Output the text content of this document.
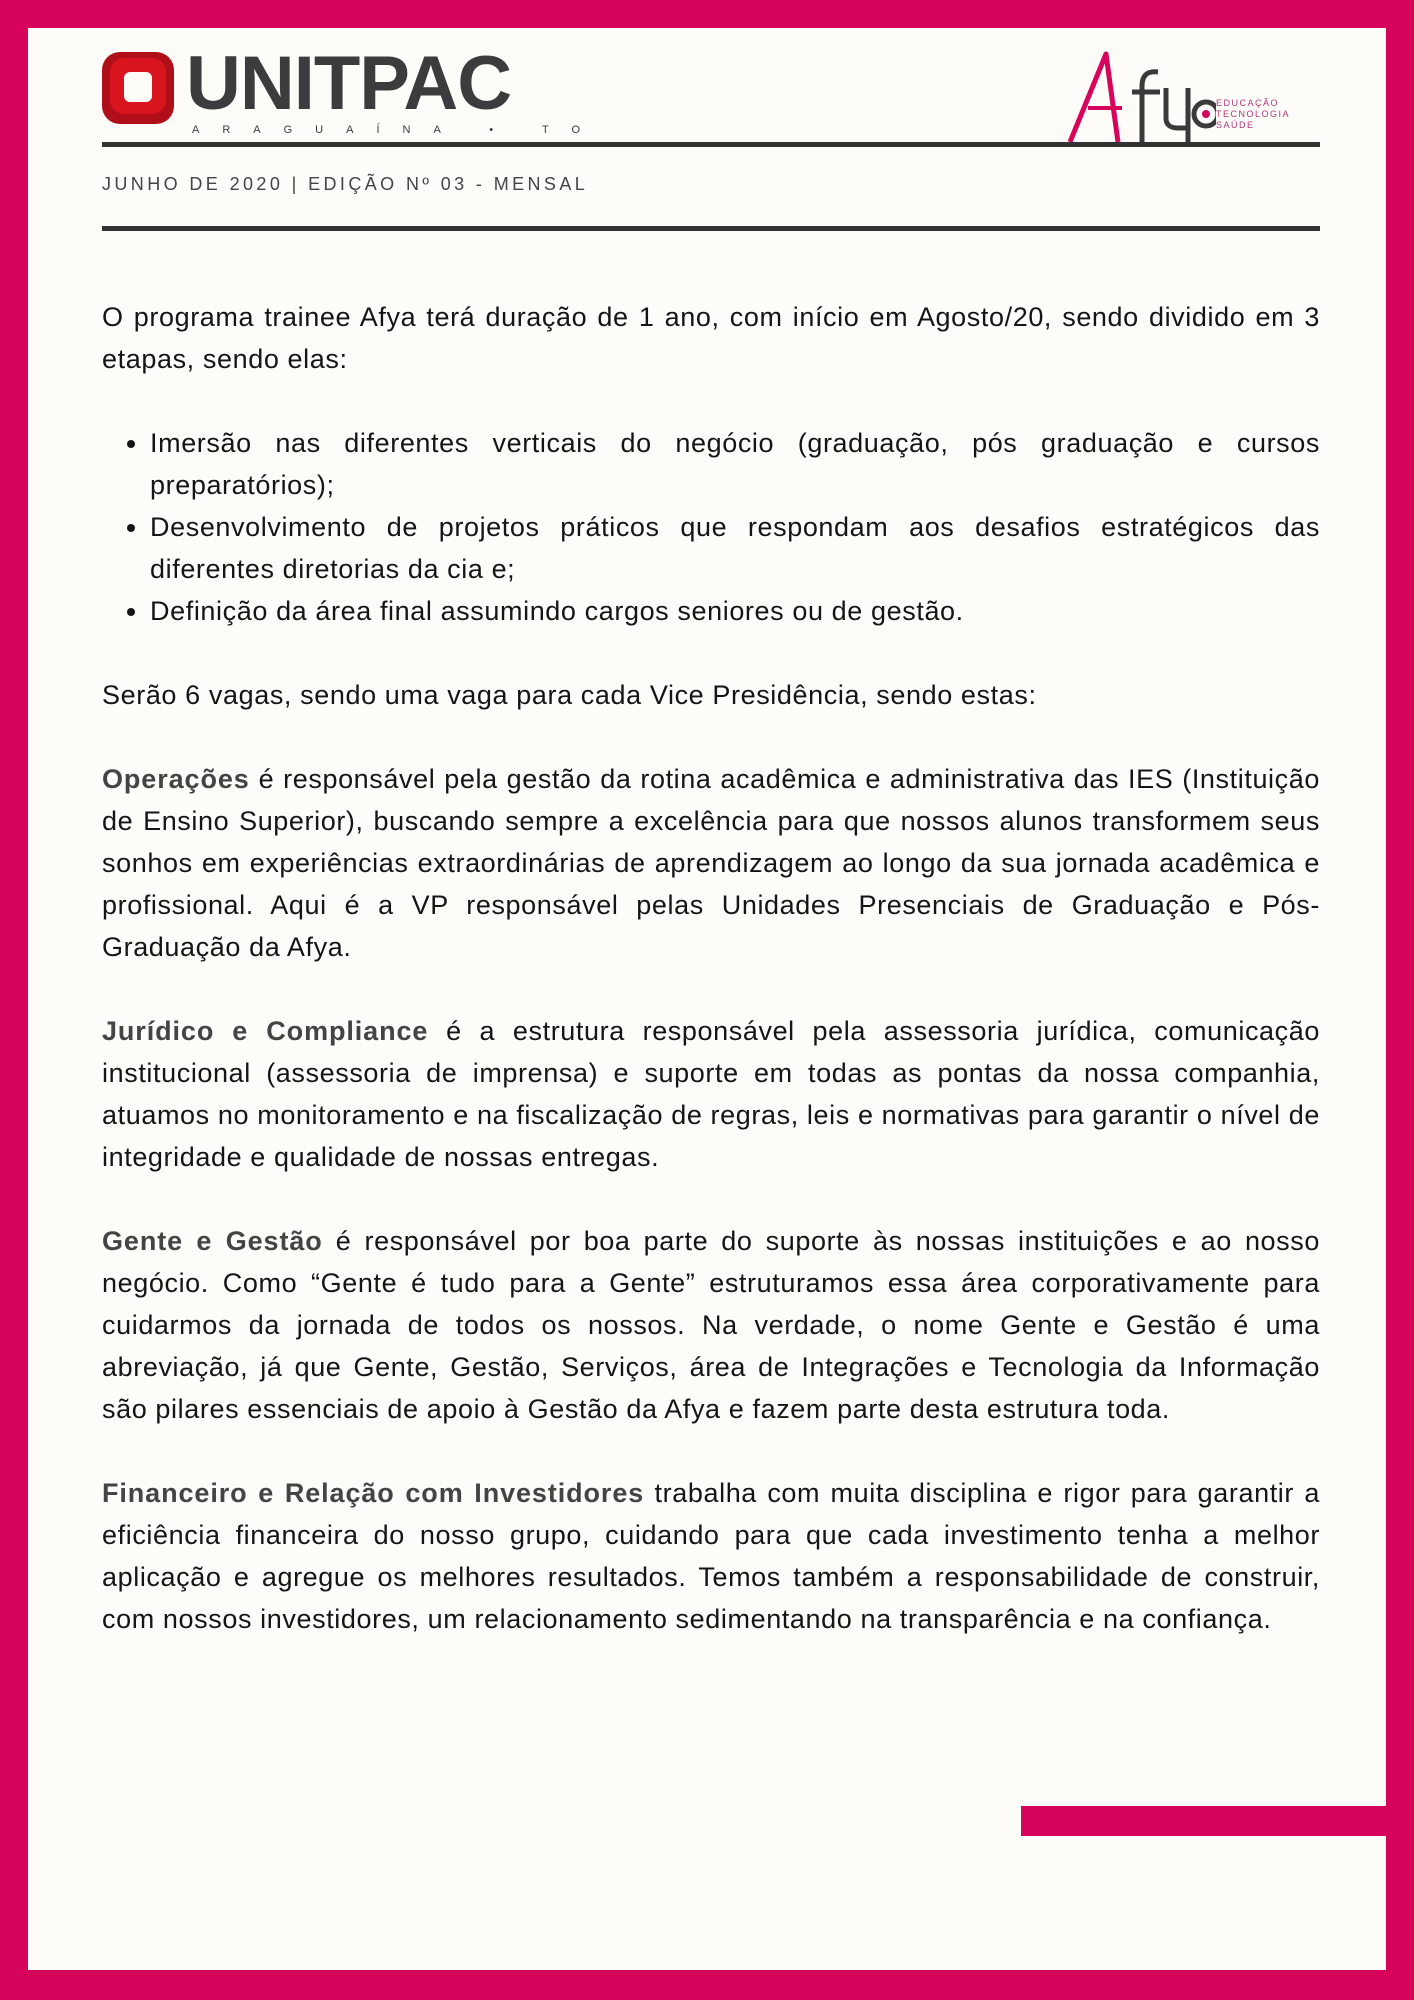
UNITPAC
ARAGUAÍNA • TO
EDUCAÇÃO
TECNOLOGIA
SAÚDE
JUNHO DE 2020 | EDIÇÃO Nº 03 - MENSAL

O programa trainee Afya terá duração de 1 ano, com início em Agosto/20, sendo dividido em 3 etapas, sendo elas:

• Imersão nas diferentes verticais do negócio (graduação, pós graduação e cursos preparatórios);
• Desenvolvimento de projetos práticos que respondam aos desafios estratégicos das diferentes diretorias da cia e;
• Definição da área final assumindo cargos seniores ou de gestão.

Serão 6 vagas, sendo uma vaga para cada Vice Presidência, sendo estas:

Operações é responsável pela gestão da rotina acadêmica e administrativa das IES (Instituição de Ensino Superior), buscando sempre a excelência para que nossos alunos transformem seus sonhos em experiências extraordinárias de aprendizagem ao longo da sua jornada acadêmica e profissional. Aqui é a VP responsável pelas Unidades Presenciais de Graduação e Pós-Graduação da Afya.

Jurídico e Compliance é a estrutura responsável pela assessoria jurídica, comunicação institucional (assessoria de imprensa) e suporte em todas as pontas da nossa companhia, atuamos no monitoramento e na fiscalização de regras, leis e normativas para garantir o nível de integridade e qualidade de nossas entregas.

Gente e Gestão é responsável por boa parte do suporte às nossas instituições e ao nosso negócio. Como “Gente é tudo para a Gente” estruturamos essa área corporativamente para cuidarmos da jornada de todos os nossos. Na verdade, o nome Gente e Gestão é uma abreviação, já que Gente, Gestão, Serviços, área de Integrações e Tecnologia da Informação são pilares essenciais de apoio à Gestão da Afya e fazem parte desta estrutura toda.

Financeiro e Relação com Investidores trabalha com muita disciplina e rigor para garantir a eficiência financeira do nosso grupo, cuidando para que cada investimento tenha a melhor aplicação e agregue os melhores resultados. Temos também a responsabilidade de construir, com nossos investidores, um relacionamento sedimentando na transparência e na confiança.
